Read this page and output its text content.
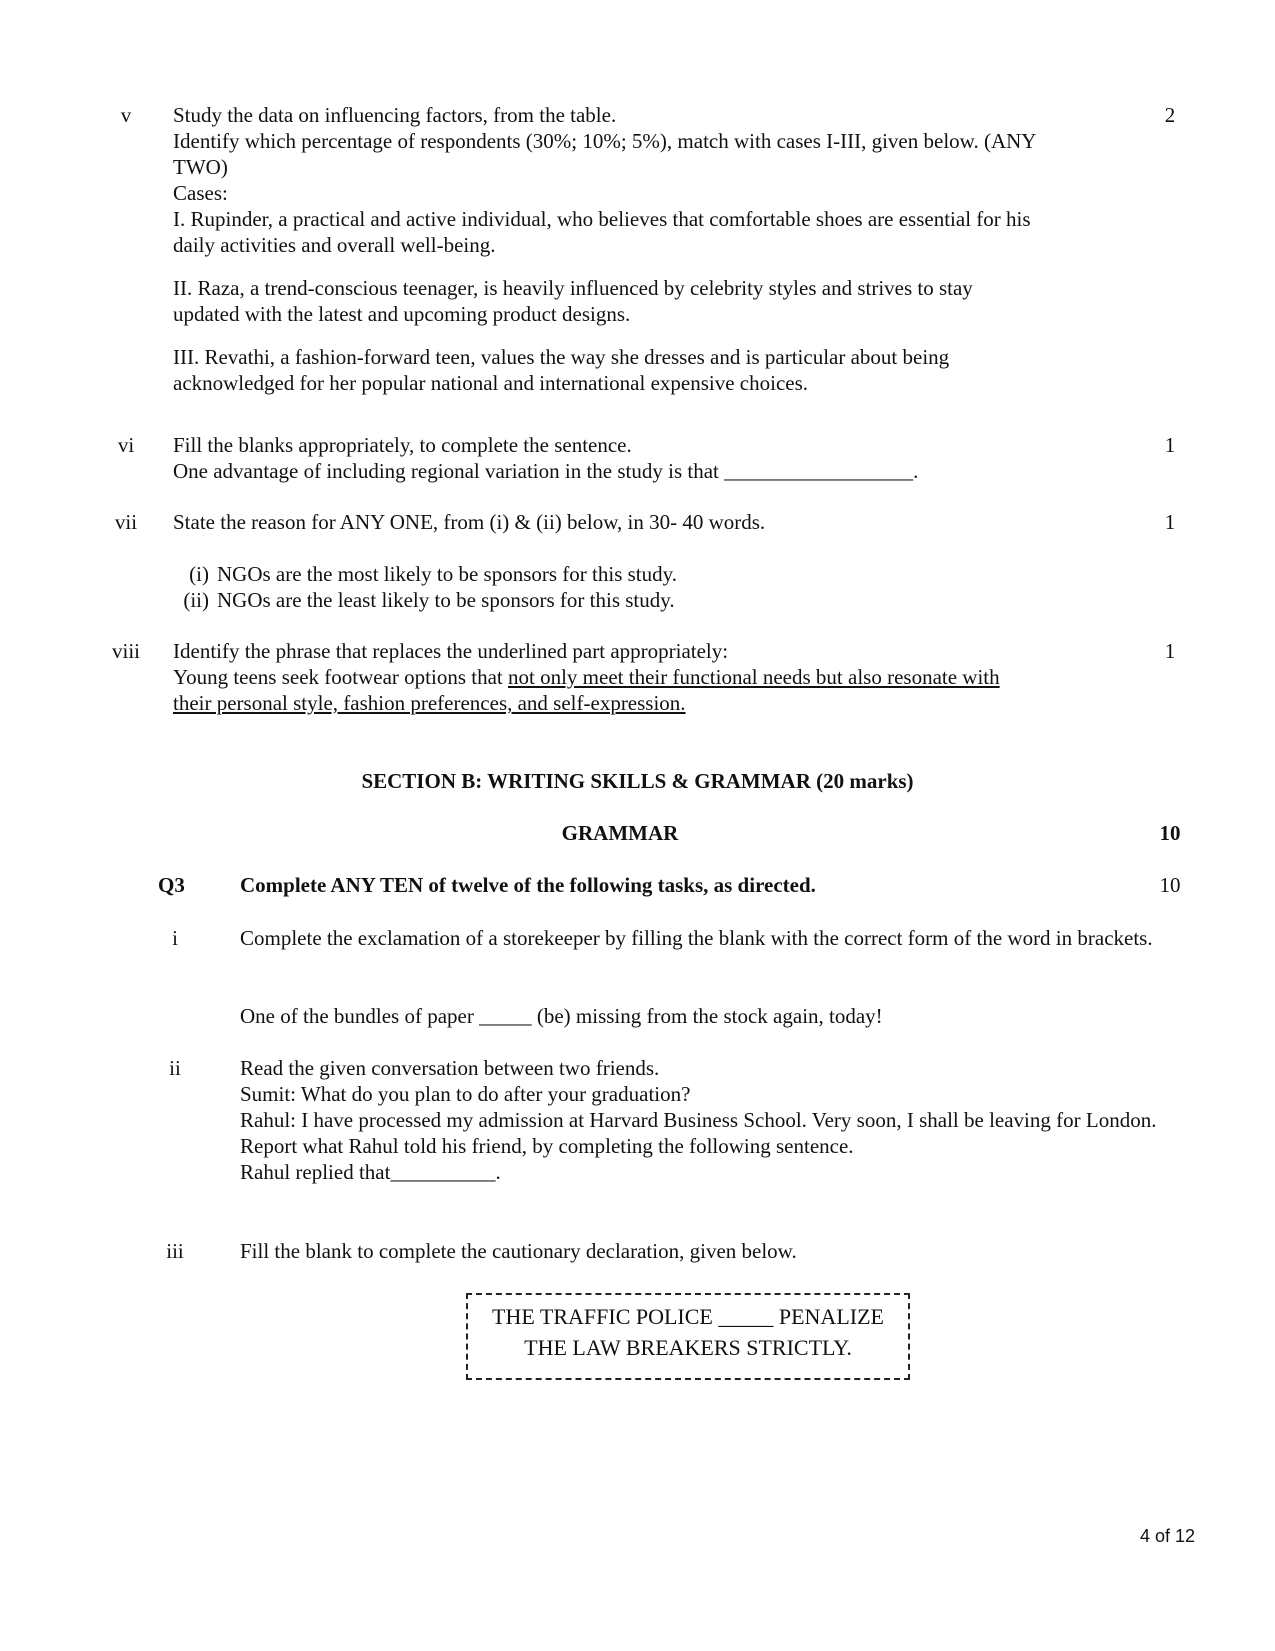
v	2
Study the data on influencing factors, from the table.
Identify which percentage of respondents (30%; 10%; 5%), match with cases I-III, given below. (ANY
TWO)
Cases:
I. Rupinder, a practical and active individual, who believes that comfortable shoes are essential for his
daily activities and overall well-being.
II. Raza, a trend-conscious teenager, is heavily influenced by celebrity styles and strives to stay
updated with the latest and upcoming product designs.
III. Revathi, a fashion-forward teen, values the way she dresses and is particular about being
acknowledged for her popular national and international expensive choices.
vi	1
Fill the blanks appropriately, to complete the sentence.
One advantage of including regional variation in the study is that __________________.
vii	1
State the reason for ANY ONE, from (i) & (ii) below, in 30- 40 words.
(i) NGOs are the most likely to be sponsors for this study.
(ii) NGOs are the least likely to be sponsors for this study.
viii	1
Identify the phrase that replaces the underlined part appropriately:
Young teens seek footwear options that not only meet their functional needs but also resonate with
their personal style, fashion preferences, and self-expression.
SECTION B: WRITING SKILLS & GRAMMAR (20 marks)
GRAMMAR	10
Q3	Complete ANY TEN of twelve of the following tasks, as directed.	10
i	Complete the exclamation of a storekeeper by filling the blank with the correct form of the word in brackets.
One of the bundles of paper _____ (be) missing from the stock again, today!
ii	Read the given conversation between two friends.
Sumit: What do you plan to do after your graduation?
Rahul: I have processed my admission at Harvard Business School. Very soon, I shall be leaving for London.
Report what Rahul told his friend, by completing the following sentence.
Rahul replied that__________.
iii	Fill the blank to complete the cautionary declaration, given below.
THE TRAFFIC POLICE _____ PENALIZE
THE LAW BREAKERS STRICTLY.
4 of 12
